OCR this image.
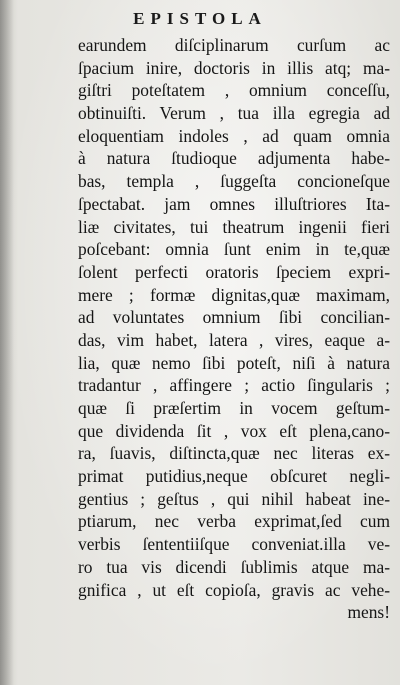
EPISTOLA
earundem diſciplinarum curſum ac
ſpacium inire, doctoris in illis atq; ma-
giſtri poteſtatem , omnium conceſſu,
obtinuiſti. Verum , tua illa egregia ad
eloquentiam indoles , ad quam omnia
à natura ſtudioque adjumenta habe-
bas, templa , ſuggeſta concioneſque
ſpectabat. jam omnes illuſtriores Ita-
liæ civitates, tui theatrum ingenii fieri
poſcebant: omnia ſunt enim in te,quæ
ſolent perfecti oratoris ſpeciem expri-
mere ; formæ dignitas,quæ maximam,
ad voluntates omnium ſibi concilian-
das, vim habet, latera , vires, eaque a-
lia, quæ nemo ſibi poteſt, niſi à natura
tradantur , affingere ; actio ſingularis ;
quæ ſi præſertim in vocem geſtum-
que dividenda ſit , vox eſt plena,cano-
ra, ſuavis, diſtincta,quæ nec literas ex-
primat putidius,neque obſcuret negli-
gentius ; geſtus , qui nihil habeat ine-
ptiarum, nec verba exprimat,ſed cum
verbis ſententiiſque conveniat.illa ve-
ro tua vis dicendi ſublimis atque ma-
gnifica , ut eſt copioſa, gravis ac vehe-
mens!
